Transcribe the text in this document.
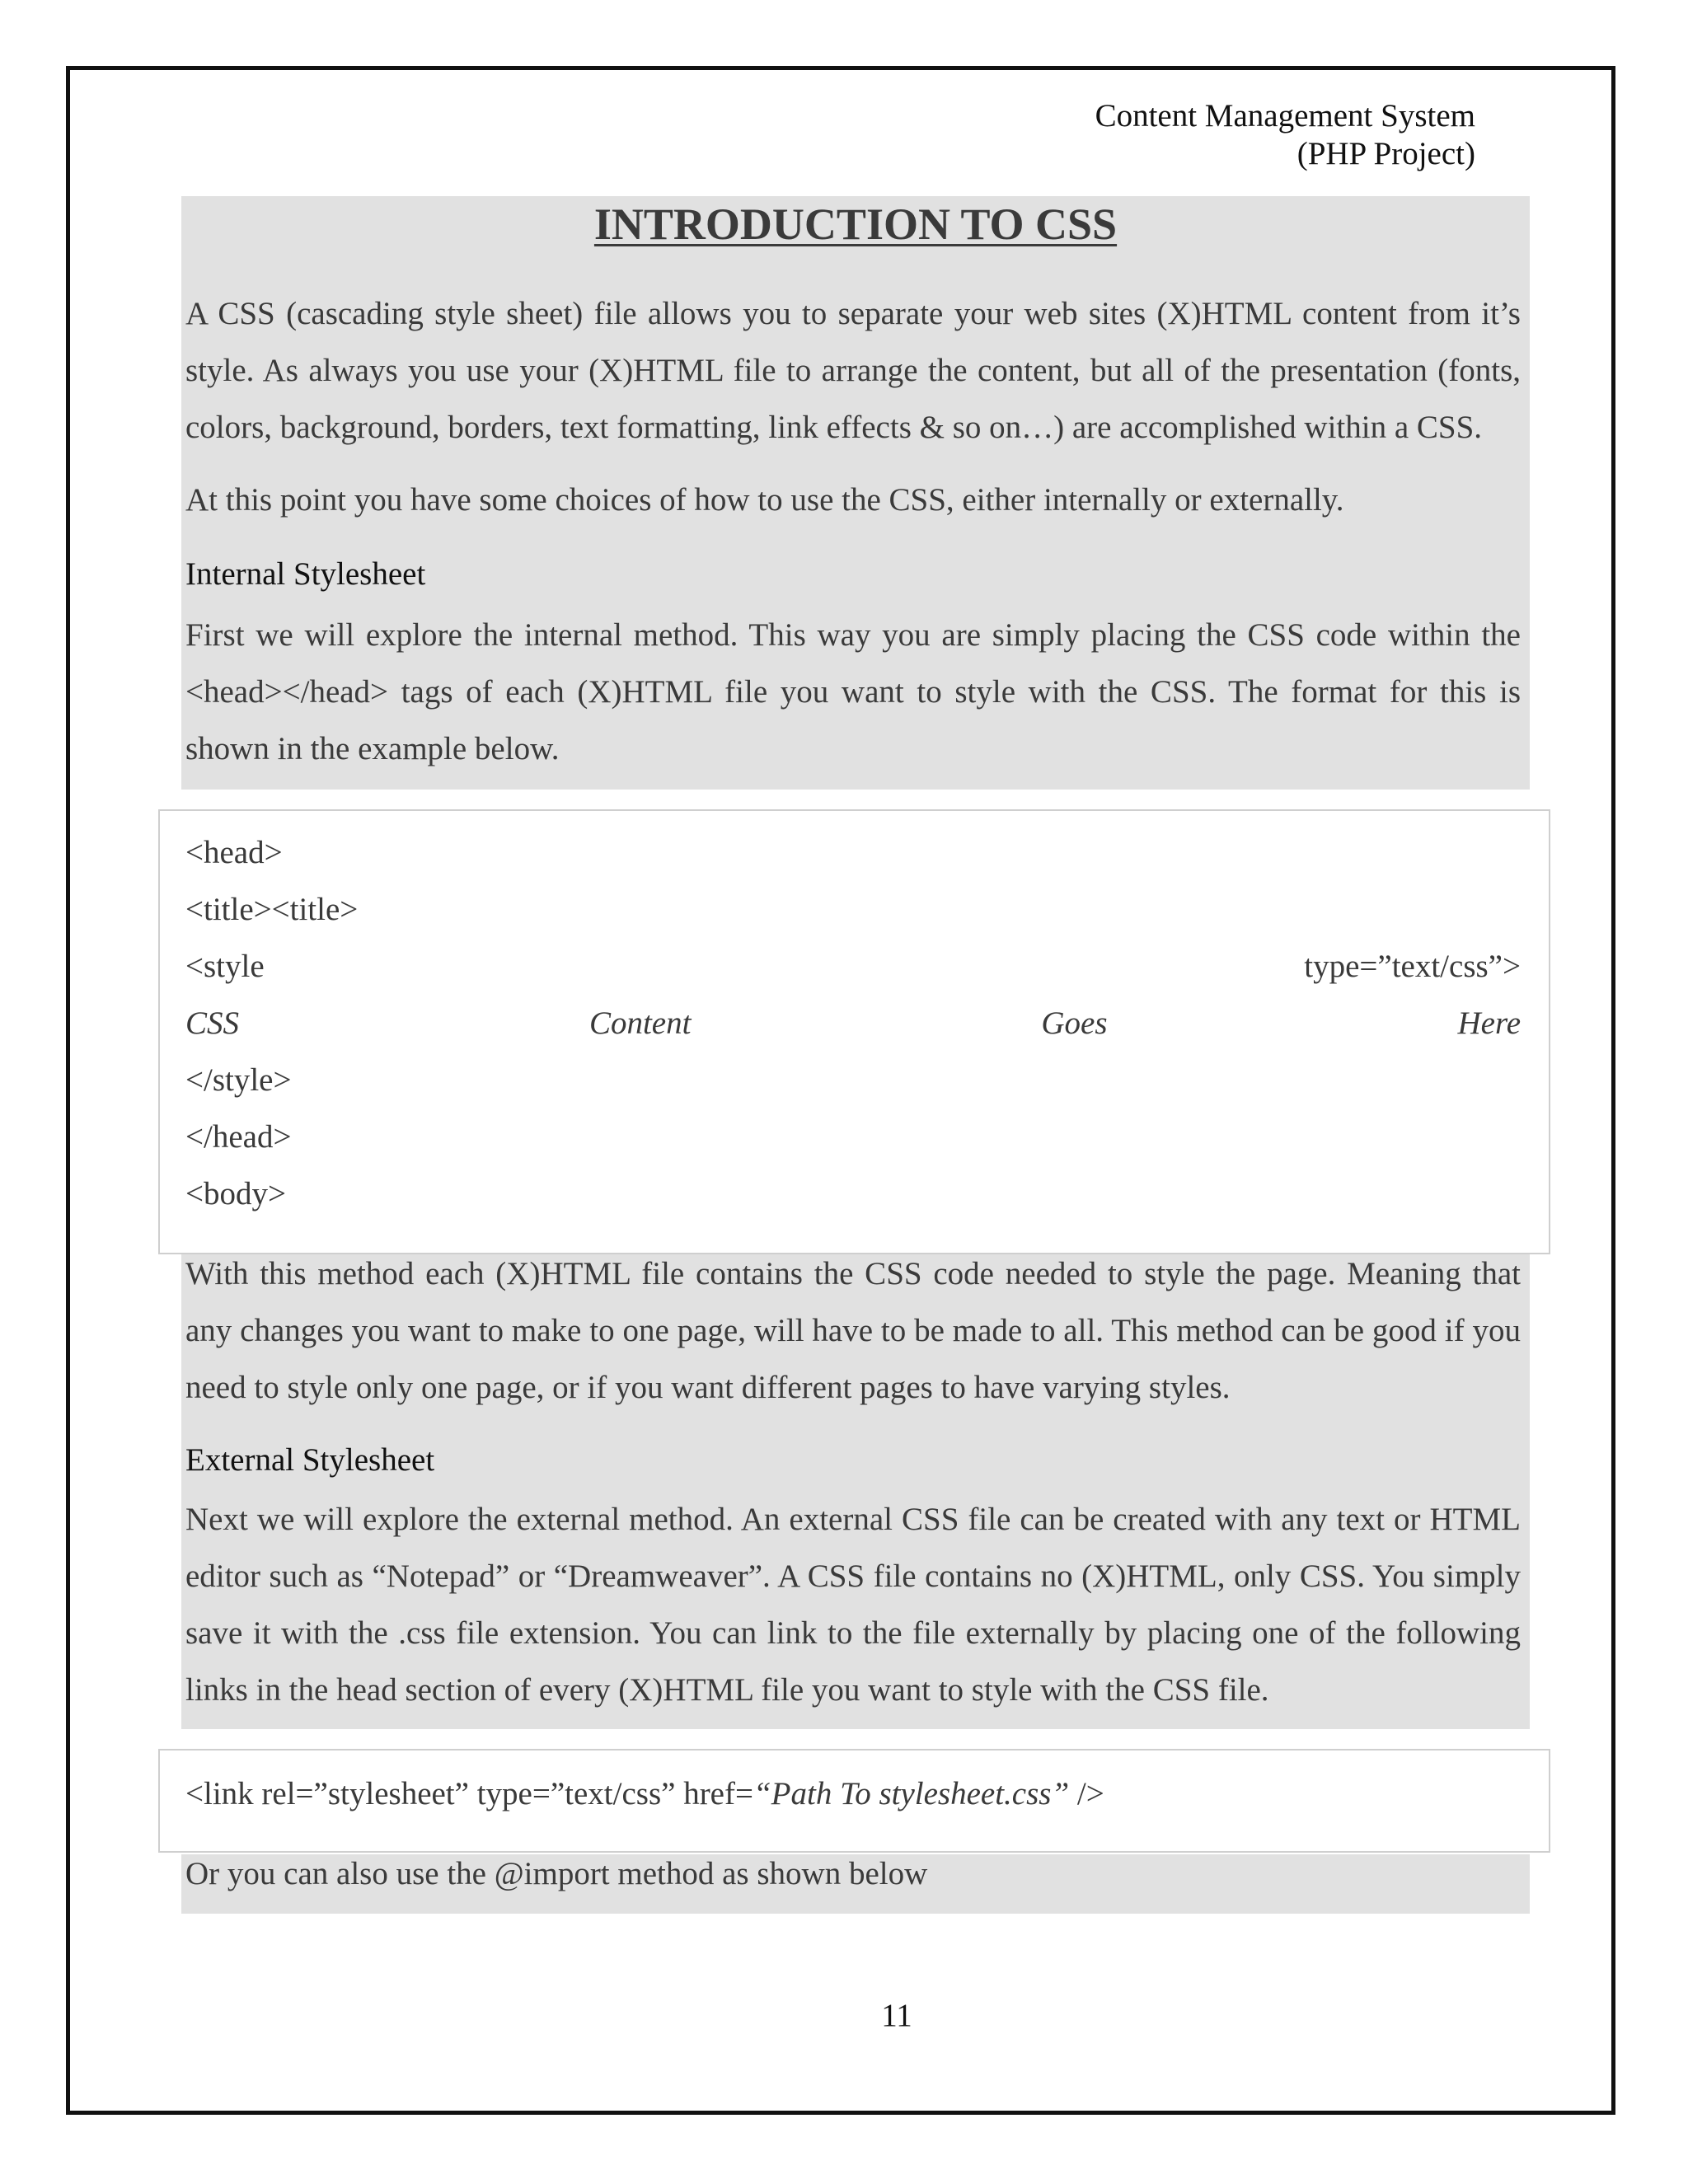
Content Management System
(PHP Project)
INTRODUCTION TO CSS
A CSS (cascading style sheet) file allows you to separate your web sites (X)HTML content from it’s style. As always you use your (X)HTML file to arrange the content, but all of the presentation (fonts, colors, background, borders, text formatting, link effects & so on…) are accomplished within a CSS.
At this point you have some choices of how to use the CSS, either internally or externally.
Internal Stylesheet
First we will explore the internal method. This way you are simply placing the CSS code within the <head></head> tags of each (X)HTML file you want to style with the CSS. The format for this is shown in the example below.
<head>
<title><title>
<style	type=”text/css”>
CSS	Content	Goes	Here
</style>
</head>
<body>
With this method each (X)HTML file contains the CSS code needed to style the page. Meaning that any changes you want to make to one page, will have to be made to all. This method can be good if you need to style only one page, or if you want different pages to have varying styles.
External Stylesheet
Next we will explore the external method. An external CSS file can be created with any text or HTML editor such as “Notepad” or “Dreamweaver”. A CSS file contains no (X)HTML, only CSS. You simply save it with the .css file extension. You can link to the file externally by placing one of the following links in the head section of every (X)HTML file you want to style with the CSS file.
<link rel=”stylesheet” type=”text/css” href=“Path To stylesheet.css” />
Or you can also use the @import method as shown below
11
